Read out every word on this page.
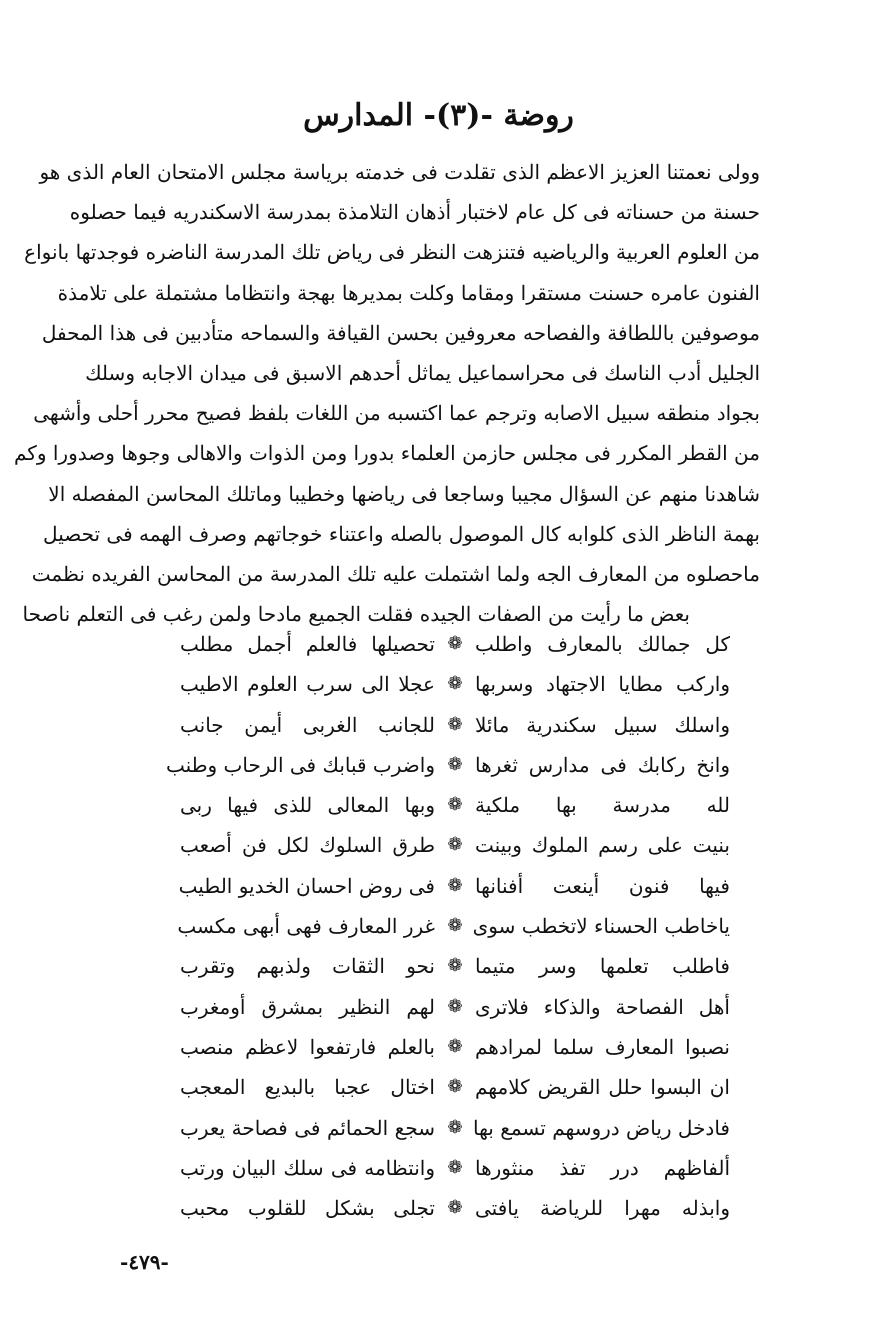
روضة -(٣)- المدارس
وولى نعمتنا العزيز الاعظم الذى تقلدت فى خدمته برياسة مجلس الامتحان العام الذى هو
حسنة من حسناته فى كل عام لاختبار أذهان التلامذة بمدرسة الاسكندريه فيما حصلوه
من العلوم العربية والرياضيه فتنزهت النظر فى رياض تلك المدرسة الناضره فوجدتها بانواع
الفنون عامره حسنت مستقرا ومقاما وكلت بمديرها بهجة وانتظاما مشتملة على تلامذة
موصوفين باللطافة والفصاحه معروفين بحسن القيافة والسماحه متأدبين فى هذا المحفل
الجليل أدب الناسك فى محراسماعيل يماثل أحدهم الاسبق فى ميدان الاجابه وسلك
بجواد منطقه سبيل الاصابه وترجم عما اكتسبه من اللغات بلفظ فصيح محرر أحلى وأشهى
من القطر المكرر فى مجلس حازمن العلماء بدورا ومن الذوات والاهالى وجوها وصدورا وكم
شاهدنا منهم عن السؤال مجيبا وساجعا فى رياضها وخطيبا وماتلك المحاسن المفصله الا
بهمة الناظر الذى كلوابه كال الموصول بالصله واعتناء خوجاتهم وصرف الهمه فى تحصيل
ماحصلوه من المعارف الجه ولما اشتملت عليه تلك المدرسة من المحاسن الفريده نظمت
بعض ما رأيت من الصفات الجيده فقلت الجميع مادحا ولمن رغب فى التعلم ناصحا
كل جمالك بالمعارف واطلب
❁
تحصيلها فالعلم أجمل مطلب
واركب مطايا الاجتهاد وسربها
❁
عجلا الى سرب العلوم الاطيب
واسلك سبيل سكندرية مائلا
❁
للجانب الغربى أيمن جانب
وانخ ركابك فى مدارس ثغرها
❁
واضرب قبابك فى الرحاب وطنب
لله مدرسة بها ملكية
❁
وبها المعالى للذى فيها ربى
بنيت على رسم الملوك وبينت
❁
طرق السلوك لكل فن أصعب
فيها فنون أينعت أفنانها
❁
فى روض احسان الخديو الطيب
ياخاطب الحسناء لاتخطب سوى
❁
غرر المعارف فهى أبهى مكسب
فاطلب تعلمها وسر متيما
❁
نحو الثقات ولذبهم وتقرب
أهل الفصاحة والذكاء فلاترى
❁
لهم النظير بمشرق أومغرب
نصبوا المعارف سلما لمرادهم
❁
بالعلم فارتفعوا لاعظم منصب
ان البسوا حلل القريض كلامهم
❁
اختال عجبا بالبديع المعجب
فادخل رياض دروسهم تسمع بها
❁
سجع الحمائم فى فصاحة يعرب
ألفاظهم درر تفذ منثورها
❁
وانتظامه فى سلك البيان ورتب
وابذله مهرا للرياضة يافتى
❁
تجلى بشكل للقلوب محبب
-٤٧٩-
